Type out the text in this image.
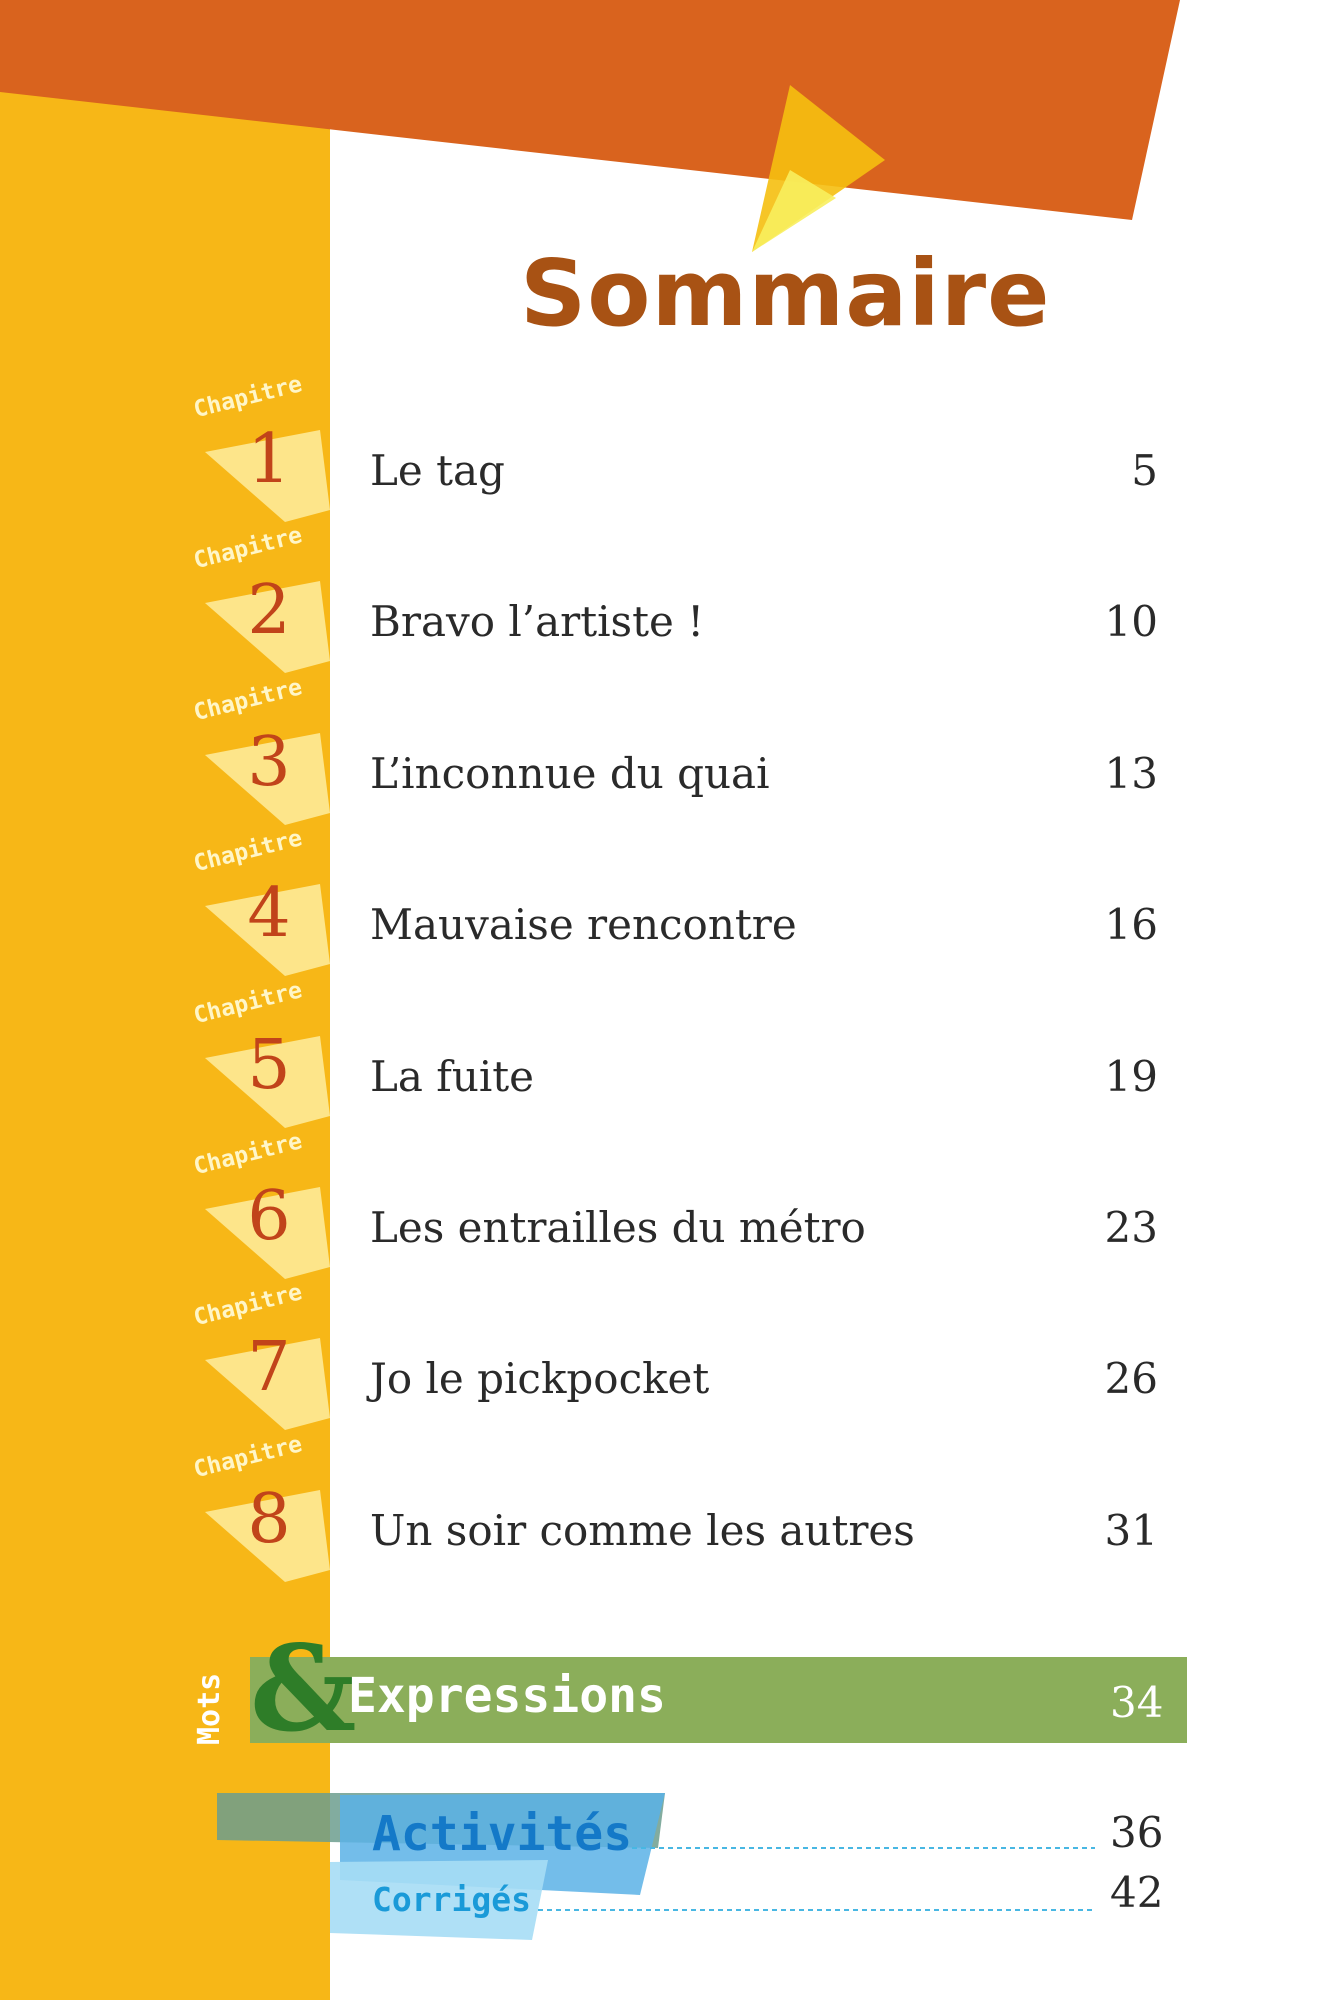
Sommaire
Chapitre
1 Le tag	5
Chapitre
2 Bravo l’artiste !	10
Chapitre
3 L’inconnue du quai	13
Chapitre
4 Mauvaise rencontre	16
Chapitre
5 La fuite	19
Chapitre
6 Les entrailles du métro	23
Chapitre
7 Jo le pickpocket	26
Chapitre
8 Un soir comme les autres	31
Mots &
Expressions	34
Activités	36
Corrigés	42
